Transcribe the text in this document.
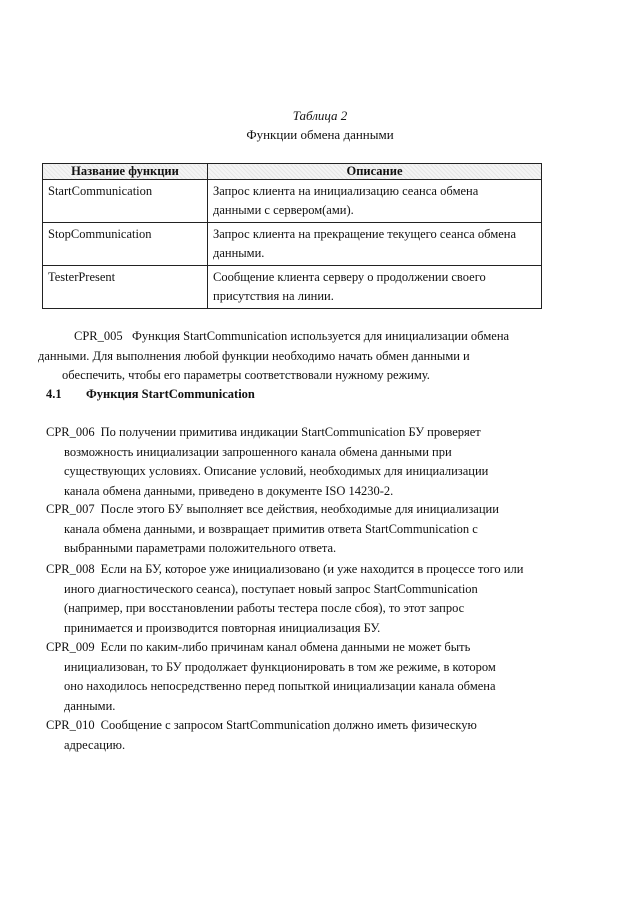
Таблица 2
Функции обмена данными
Название функции	Описание
StartCommunication	Запрос клиента на инициализацию сеанса обмена
данными с сервером(ами).
StopCommunication	Запрос клиента на прекращение текущего сеанса обмена
данными.
TesterPresent	Сообщение клиента серверу о продолжении своего
присутствия на линии.
CPR_005   Функция StartCommunication используется для инициализации обмена
данными. Для выполнения любой функции необходимо начать обмен данными и
обеспечить, чтобы его параметры соответствовали нужному режиму.
4.1 Функция StartCommunication
CPR_006 По получении примитива индикации StartCommunication БУ проверяет
возможность инициализации запрошенного канала обмена данными при
существующих условиях. Описание условий, необходимых для инициализации
канала обмена данными, приведено в документе ISO 14230-2.
CPR_007 После этого БУ выполняет все действия, необходимые для инициализации
канала обмена данными, и возвращает примитив ответа StartCommunication с
выбранными параметрами положительного ответа.
CPR_008 Если на БУ, которое уже инициализовано (и уже находится в процессе того или
иного диагностического сеанса), поступает новый запрос StartCommunication
(например, при восстановлении работы тестера после сбоя), то этот запрос
принимается и производится повторная инициализация БУ.
CPR_009 Если по каким-либо причинам канал обмена данными не может быть
инициализован, то БУ продолжает функционировать в том же режиме, в котором
оно находилось непосредственно перед попыткой инициализации канала обмена
данными.
CPR_010 Сообщение с запросом StartCommunication должно иметь физическую
адресацию.
